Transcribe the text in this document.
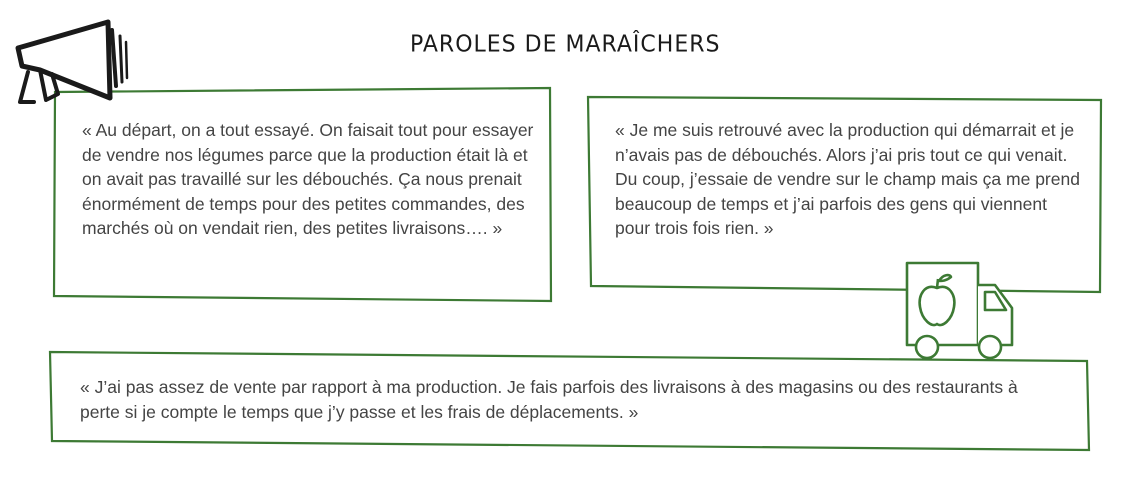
PAROLES DE MARAÎCHERS
« Au départ, on a tout essayé. On faisait tout pour essayer de vendre nos légumes parce que la production était là et on avait pas travaillé sur les débouchés. Ça nous prenait énormément de temps pour des petites commandes, des marchés où on vendait rien, des petites livraisons…. »
« Je me suis retrouvé avec la production qui démarrait et je n’avais pas de débouchés. Alors j’ai pris tout ce qui venait. Du coup, j’essaie de vendre sur le champ mais ça me prend beaucoup de temps et j’ai parfois des gens qui viennent pour trois fois rien. »
« J’ai pas assez de vente par rapport à ma production. Je fais parfois des livraisons à des magasins ou des restaurants à perte si je compte le temps que j’y passe et les frais de déplacements. »
